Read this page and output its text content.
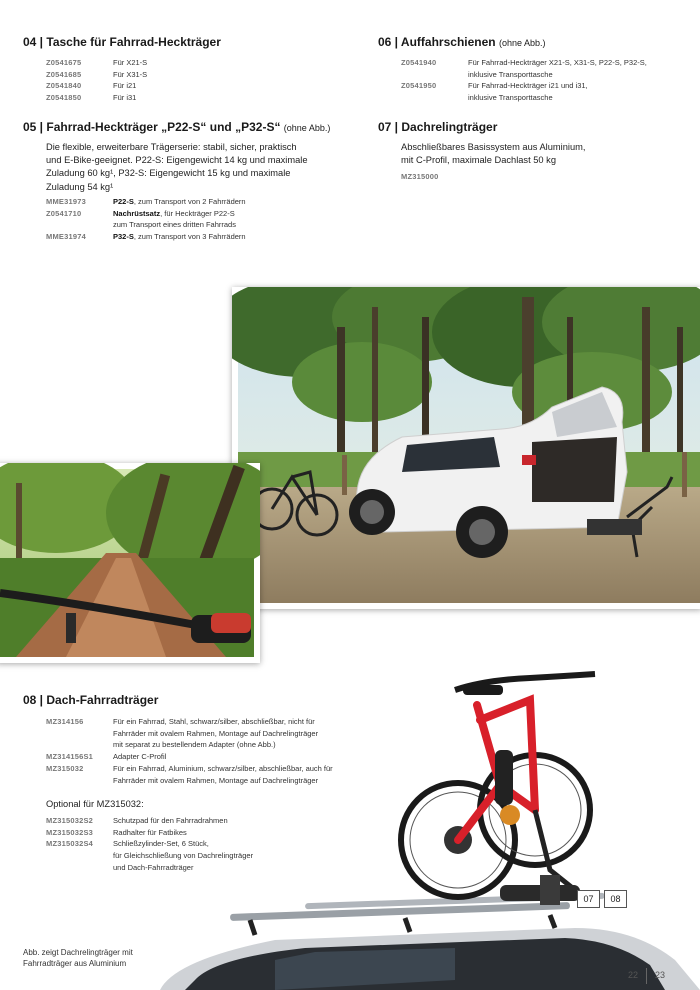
04 | Tasche für Fahrrad-Heckträger
Z0541675	Für X21-S
Z0541685	Für X31-S
Z0541840	Für i21
Z0541850	Für i31
05 | Fahrrad-Heckträger „P22-S“ und „P32-S“ (ohne Abb.)
Die flexible, erweiterbare Trägerserie: stabil, sicher, praktisch
und E-Bike-geeignet. P22-S: Eigengewicht 14 kg und maximale
Zuladung 60 kg¹, P32-S: Eigengewicht 15 kg und maximale
Zuladung 54 kg¹
MME31973	P22-S, zum Transport von 2 Fahrrädern
Z0541710	Nachrüstsatz, für Heckträger P22-S
zum Transport eines dritten Fahrrads
MME31974	P32-S, zum Transport von 3 Fahrrädern
06 | Auffahrschienen (ohne Abb.)
Z0541940	Für Fahrrad-Heckträger X21-S, X31-S, P22-S, P32-S,
inklusive Transporttasche
Z0541950	Für Fahrrad-Heckträger i21 und i31,
inklusive Transporttasche
07 | Dachrelingträger
Abschließbares Basissystem aus Aluminium,
mit C-Profil, maximale Dachlast 50 kg
MZ315000
08 | Dach-Fahrradträger
MZ314156	Für ein Fahrrad, Stahl, schwarz/silber, abschließbar, nicht für
Fahrräder mit ovalem Rahmen, Montage auf Dachrelingträger
mit separat zu bestellendem Adapter (ohne Abb.)
MZ314156S1	Adapter C-Profil
MZ315032	Für ein Fahrrad, Aluminium, schwarz/silber, abschließbar, auch für
Fahrräder mit ovalem Rahmen, Montage auf Dachrelingträger

Optional für MZ315032:

MZ315032S2	Schutzpad für den Fahrradrahmen
MZ315032S3	Radhalter für Fatbikes
MZ315032S4	Schließzylinder-Set, 6 Stück,
für Gleichschließung von Dachrelingträger
und Dach-Fahrradträger
07	08
Abb. zeigt Dachrelingträger mit
Fahrradträger aus Aluminium
22 23
